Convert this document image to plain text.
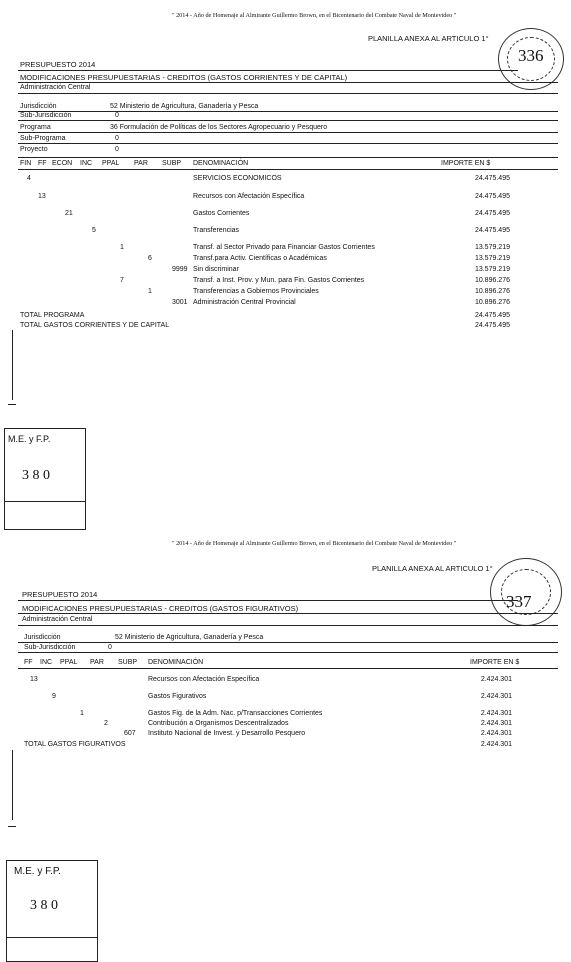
" 2014 - Año de Homenaje al Almirante Guillermo Brown, en el Bicentenario del Combate Naval de Montevideo "
PLANILLA ANEXA AL ARTICULO 1°
336
PRESUPUESTO 2014
MODIFICACIONES PRESUPUESTARIAS - CREDITOS (GASTOS CORRIENTES Y DE CAPITAL)
Administración Central
Jurisdicción	52 Ministerio de Agricultura, Ganadería y Pesca
Sub-Jurisdicción	0
Programa	36 Formulación de Políticas de los Sectores Agropecuario y Pesquero
Sub-Programa	0
Proyecto	0
FIN FF ECON INC PPAL PAR SUBP DENOMINACIÓN	IMPORTE EN $
4	SERVICIOS ECONOMICOS	24.475.495
13	Recursos con Afectación Específica	24.475.495
21	Gastos Corrientes	24.475.495
5	Transferencias	24.475.495
1	Transf. al Sector Privado para Financiar Gastos Corrientes	13.579.219
6	Transf.para Activ. Científicas o Académicas	13.579.219
9999 Sin discriminar	13.579.219
7	Transf. a Inst. Prov. y Mun. para Fin. Gastos Corrientes	10.896.276
1	Transferencias a Gobiernos Provinciales	10.896.276
3001 Administración Central Provincial	10.896.276
TOTAL PROGRAMA	24.475.495
TOTAL GASTOS CORRIENTES Y DE CAPITAL	24.475.495
M.E. y F.P.
3 8 0
" 2014 - Año de Homenaje al Almirante Guillermo Brown, en el Bicentenario del Combate Naval de Montevideo "
PLANILLA ANEXA AL ARTICULO 1°
337
PRESUPUESTO 2014
MODIFICACIONES PRESUPUESTARIAS - CREDITOS (GASTOS FIGURATIVOS)
Administración Central
Jurisdicción	52 Ministerio de Agricultura, Ganadería y Pesca
Sub-Jurisdicción	0
FF INC PPAL PAR SUBP DENOMINACIÓN	IMPORTE EN $
13	Recursos con Afectación Específica	2.424.301
9	Gastos Figurativos	2.424.301
1	Gastos Fig. de la Adm. Nac. p/Transacciones Corrientes	2.424.301
2	Contribución a Organismos Descentralizados	2.424.301
607 Instituto Nacional de Invest. y Desarrollo Pesquero	2.424.301
TOTAL GASTOS FIGURATIVOS	2.424.301
M.E. y F.P.
3 8 0
